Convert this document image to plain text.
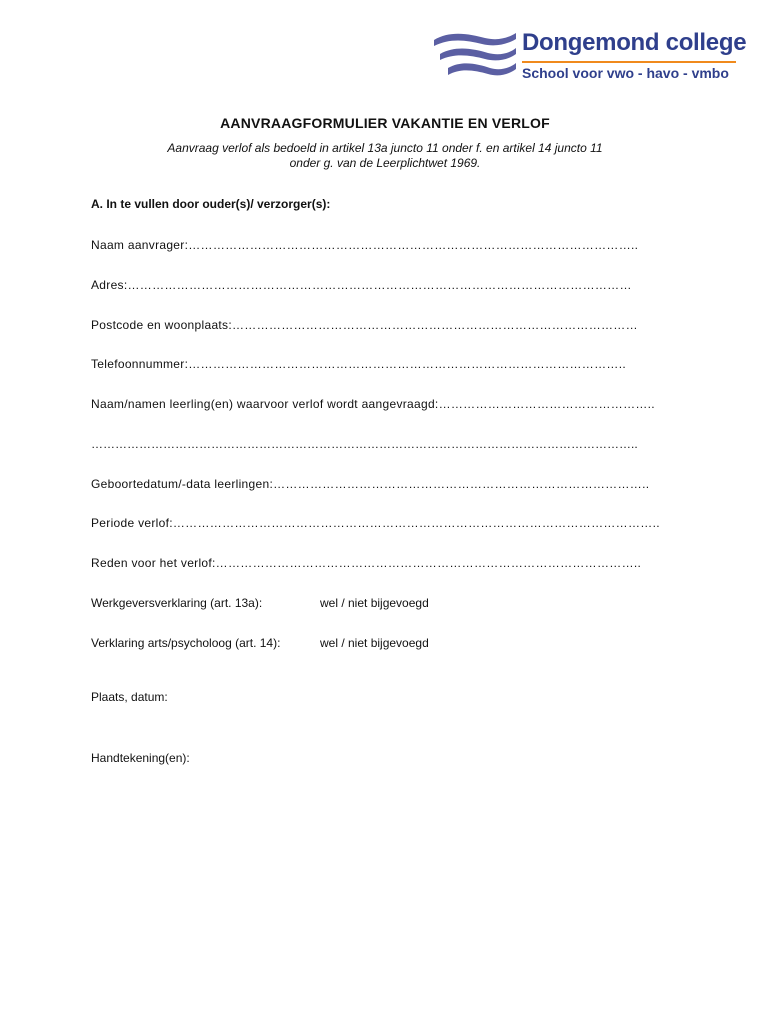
Dongemond college
School voor vwo - havo - vmbo
AANVRAAGFORMULIER VAKANTIE EN VERLOF
Aanvraag verlof als bedoeld in artikel 13a juncto 11 onder f. en artikel 14 juncto 11
onder g. van de Leerplichtwet 1969.
A. In te vullen door ouder(s)/ verzorger(s):
Naam aanvrager:………………………………………………………………………………………………..
Adres:……………………………………………………………………………………………………………
Postcode en woonplaats:………………………………………………………………………………………
Telefoonnummer:……………………………………………………………………………………………..
Naam/namen leerling(en) waarvoor verlof wordt aangevraagd:……………………………………………..
………………………………………………………………………………………………………………………..
Geboortedatum/-data leerlingen:………………………………………………………………………………..
Periode verlof:………………………………………………………………………………………………………..
Reden voor het verlof:…………………………………………………………………………………………..
Werkgeversverklaring (art. 13a):	wel / niet bijgevoegd
Verklaring arts/psycholoog (art. 14):	wel / niet bijgevoegd
Plaats, datum:
Handtekening(en):
